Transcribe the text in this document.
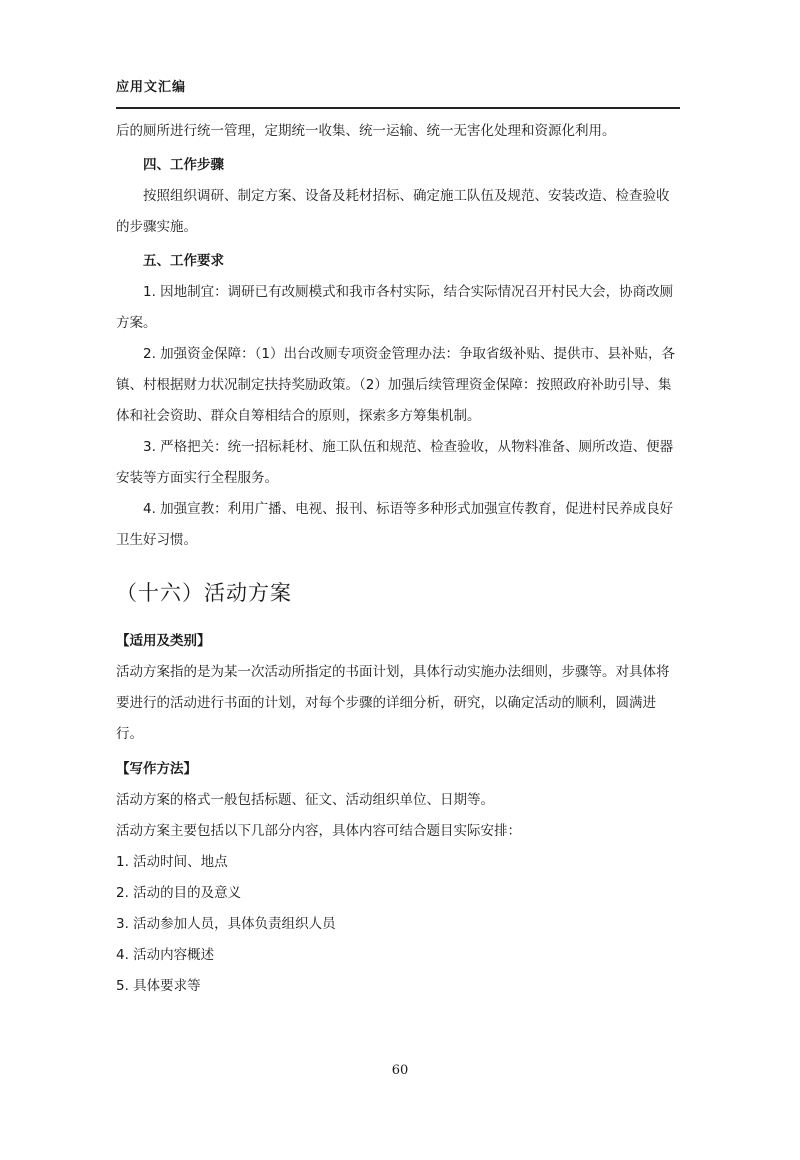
应用文汇编

后的厕所进行统一管理，定期统一收集、统一运输、统一无害化处理和资源化利用。

四、工作步骤

按照组织调研、制定方案、设备及耗材招标、确定施工队伍及规范、安装改造、检查验收的步骤实施。

五、工作要求

1. 因地制宜：调研已有改厕模式和我市各村实际，结合实际情况召开村民大会，协商改厕方案。

2. 加强资金保障：（1）出台改厕专项资金管理办法：争取省级补贴、提供市、县补贴，各镇、村根据财力状况制定扶持奖励政策。（2）加强后续管理资金保障：按照政府补助引导、集体和社会资助、群众自筹相结合的原则，探索多方筹集机制。

3. 严格把关：统一招标耗材、施工队伍和规范、检查验收，从物料准备、厕所改造、便器安装等方面实行全程服务。

4. 加强宣教：利用广播、电视、报刊、标语等多种形式加强宣传教育，促进村民养成良好卫生好习惯。

（十六）活动方案

【适用及类别】

活动方案指的是为某一次活动所指定的书面计划，具体行动实施办法细则，步骤等。对具体将要进行的活动进行书面的计划，对每个步骤的详细分析，研究，以确定活动的顺利，圆满进行。

【写作方法】

活动方案的格式一般包括标题、征文、活动组织单位、日期等。

活动方案主要包括以下几部分内容，具体内容可结合题目实际安排：

1. 活动时间、地点

2. 活动的目的及意义

3. 活动参加人员，具体负责组织人员

4. 活动内容概述

5. 具体要求等

60
